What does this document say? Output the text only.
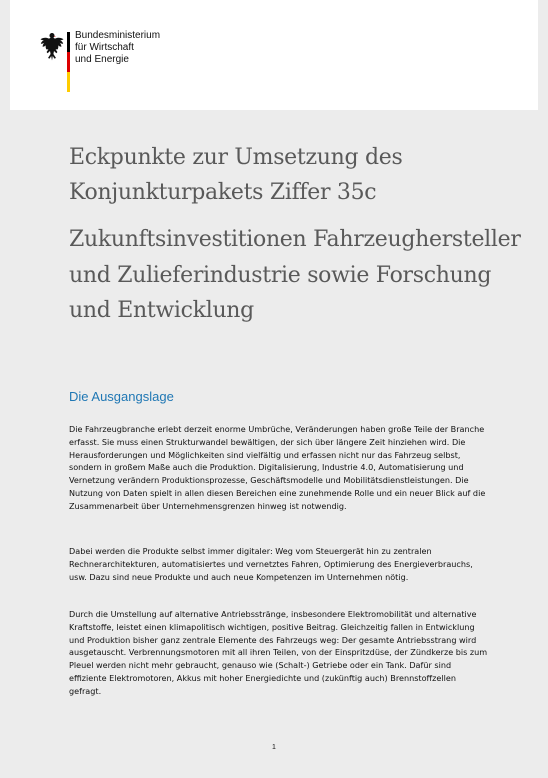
Bundesministerium
für Wirtschaft
und Energie
Eckpunkte zur Umsetzung des Konjunkturpakets Ziffer 35c
Zukunftsinvestitionen Fahrzeughersteller und Zulieferindustrie sowie Forschung und Entwicklung
Die Ausgangslage

Die Fahrzeugbranche erlebt derzeit enorme Umbrüche, Veränderungen haben große Teile der Branche erfasst. Sie muss einen Strukturwandel bewältigen, der sich über längere Zeit hinziehen wird. Die Herausforderungen und Möglichkeiten sind vielfältig und erfassen nicht nur das Fahrzeug selbst, sondern in großem Maße auch die Produktion. Digitalisierung, Industrie 4.0, Automatisierung und Vernetzung verändern Produktionsprozesse, Geschäftsmodelle und Mobilitätsdienstleistungen. Die Nutzung von Daten spielt in allen diesen Bereichen eine zunehmende Rolle und ein neuer Blick auf die Zusammenarbeit über Unternehmensgrenzen hinweg ist notwendig.

Dabei werden die Produkte selbst immer digitaler: Weg vom Steuergerät hin zu zentralen Rechnerarchitekturen, automatisiertes und vernetztes Fahren, Optimierung des Energieverbrauchs, usw. Dazu sind neue Produkte und auch neue Kompetenzen im Unternehmen nötig.

Durch die Umstellung auf alternative Antriebsstränge, insbesondere Elektromobilität und alternative Kraftstoffe, leistet einen klimapolitisch wichtigen, positive Beitrag. Gleichzeitig fallen in Entwicklung und Produktion bisher ganz zentrale Elemente des Fahrzeugs weg: Der gesamte Antriebsstrang wird ausgetauscht. Verbrennungsmotoren mit all ihren Teilen, von der Einspritzdüse, der Zündkerze bis zum Pleuel werden nicht mehr gebraucht, genauso wie (Schalt-) Getriebe oder ein Tank. Dafür sind effiziente Elektromotoren, Akkus mit hoher Energiedichte und (zukünftig auch) Brennstoffzellen gefragt.

1
